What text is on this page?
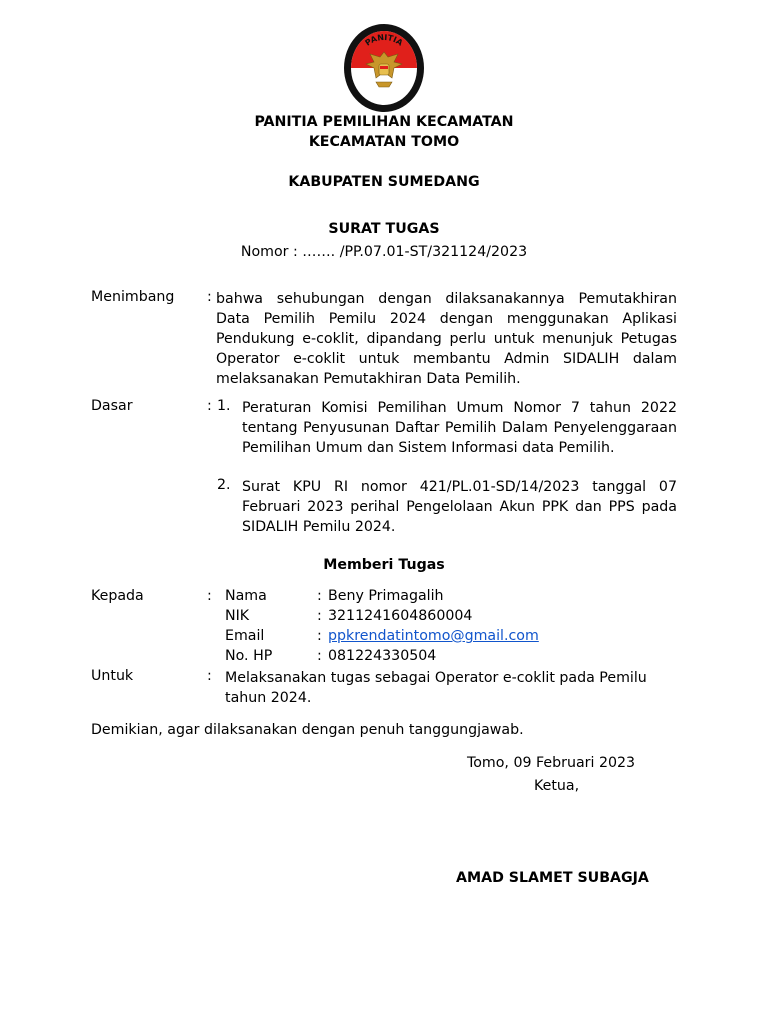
PANITIA
PEMILIHAN KECAMATAN
PANITIA PEMILIHAN KECAMATAN
KECAMATAN TOMO
KABUPATEN SUMEDANG
SURAT TUGAS
Nomor : ……. /PP.07.01-ST/321124/2023
Menimbang : bahwa sehubungan dengan dilaksanakannya Pemutakhiran Data Pemilih Pemilu 2024 dengan menggunakan Aplikasi Pendukung e-coklit, dipandang perlu untuk menunjuk Petugas Operator e-coklit untuk membantu Admin SIDALIH dalam melaksanakan Pemutakhiran Data Pemilih.
Dasar	: 1. Peraturan Komisi Pemilihan Umum Nomor 7 tahun 2022 tentang Penyusunan Daftar Pemilih Dalam Penyelenggaraan Pemilihan Umum dan Sistem Informasi data Pemilih.
2. Surat KPU RI nomor 421/PL.01-SD/14/2023 tanggal 07 Februari 2023 perihal Pengelolaan Akun PPK dan PPS pada SIDALIH Pemilu 2024.
Memberi Tugas
Kepada	: Nama	: Beny Primagalih
NIK	: 3211241604860004
Email	: ppkrendatintomo@gmail.com
No. HP	: 081224330504
Untuk	: Melaksanakan tugas sebagai Operator e-coklit pada Pemilu tahun 2024.
Demikian, agar dilaksanakan dengan penuh tanggungjawab.
Tomo, 09 Februari 2023
Ketua,
AMAD SLAMET SUBAGJA
